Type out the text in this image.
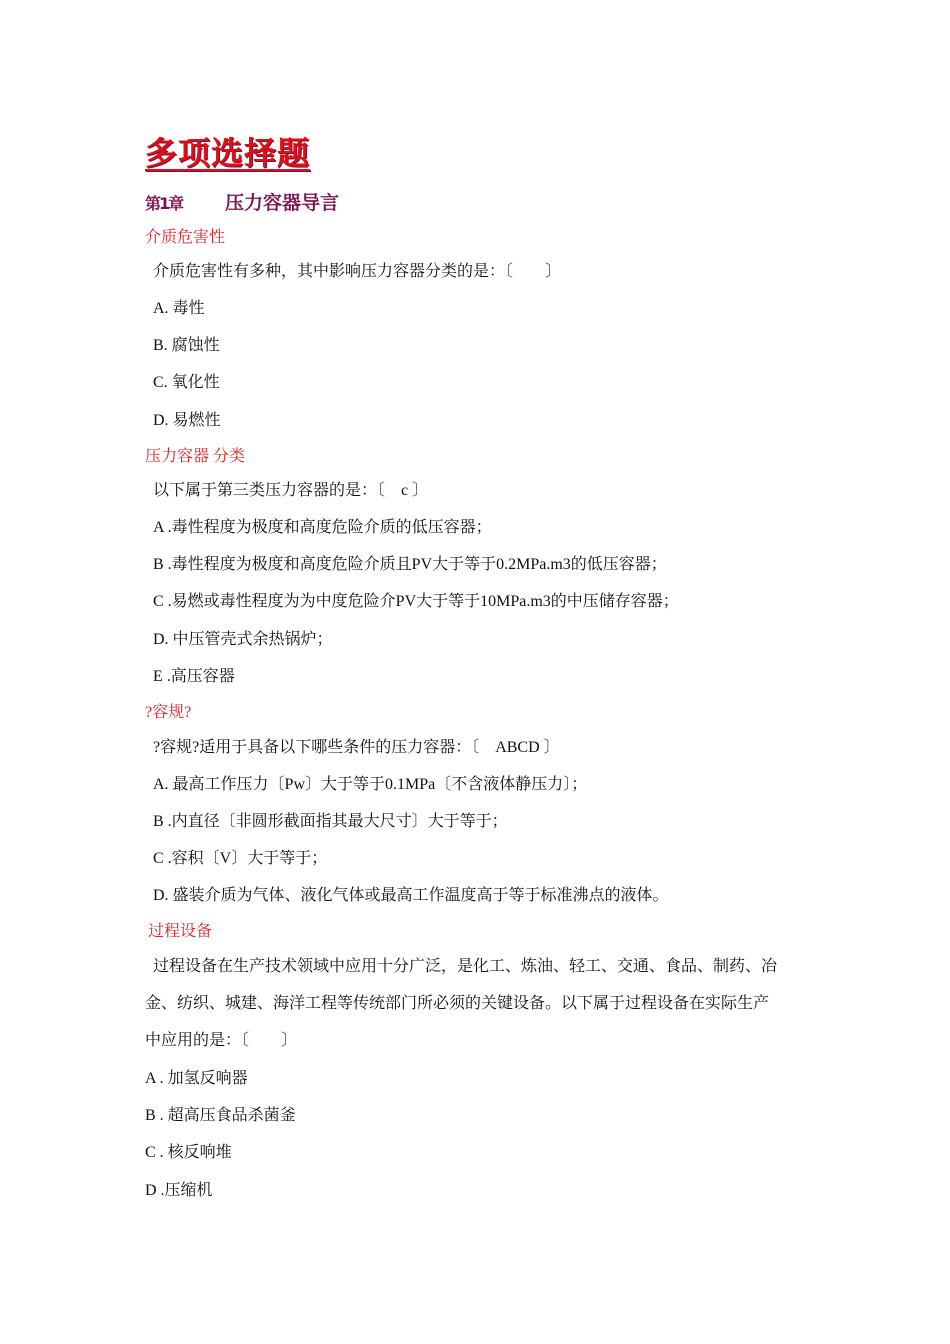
多项选择题
第1章 压力容器导言
介质危害性
介质危害性有多种，其中影响压力容器分类的是：〔　　〕
A. 毒性
B. 腐蚀性
C. 氧化性
D. 易燃性
压力容器 分类
以下属于第三类压力容器的是：〔　c 〕
A .毒性程度为极度和高度危险介质的低压容器；
B .毒性程度为极度和高度危险介质且PV大于等于0.2MPa.m3的低压容器；
C .易燃或毒性程度为为中度危险介PV大于等于10MPa.m3的中压储存容器；
D. 中压管壳式余热锅炉；
E .高压容器
?容规?
?容规?适用于具备以下哪些条件的压力容器：〔　ABCD 〕
A. 最高工作压力〔Pw〕大于等于0.1MPa〔不含液体静压力〕；
B .内直径〔非圆形截面指其最大尺寸〕大于等于；
C .容积〔V〕大于等于；
D. 盛装介质为气体、液化气体或最高工作温度高于等于标准沸点的液体。
过程设备
过程设备在生产技术领域中应用十分广泛，是化工、炼油、轻工、交通、食品、制药、冶
金、纺织、城建、海洋工程等传统部门所必须的关键设备。以下属于过程设备在实际生产
中应用的是：〔　　〕
A . 加氢反响器
B . 超高压食品杀菌釜
C . 核反响堆
D .压缩机
